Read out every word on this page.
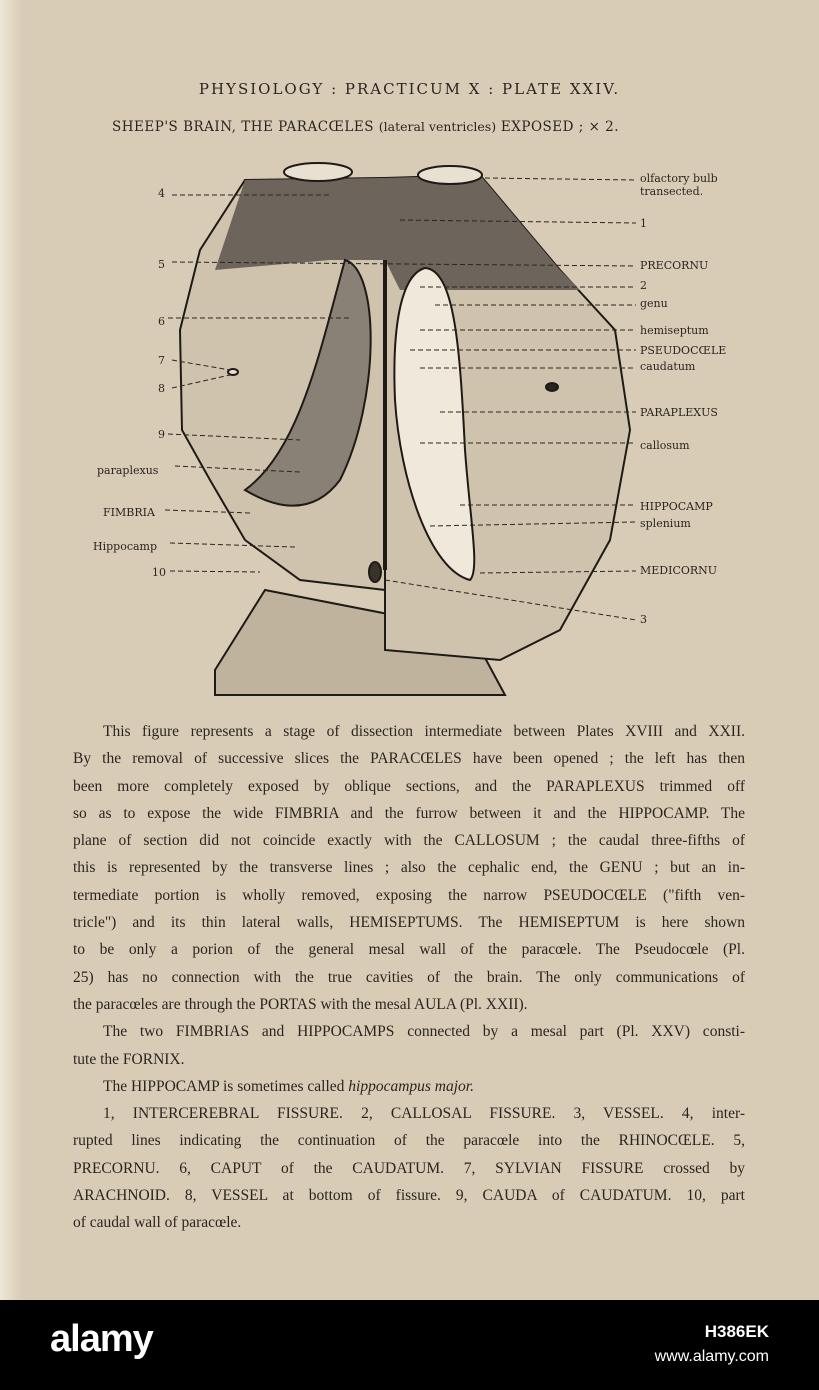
PHYSIOLOGY : PRACTICUM X : PLATE XXIV.
SHEEP'S BRAIN, THE PARACŒLES (lateral ventricles) EXPOSED ; × 2.
olfactory bulb
transected.
1
PRECORNU
2
genu
hemiseptum
PSEUDOCŒLE
caudatum
PARAPLEXUS
callosum
HIPPOCAMP
splenium
MEDICORNU
3
4
5
6
7
8
9
paraplexus
FIMBRIA
Hippocamp
10
This figure represents a stage of dissection intermediate between Plates XVIII and XXII.
By the removal of successive slices the PARACŒLES have been opened ; the left has then
been more completely exposed by oblique sections, and the PARAPLEXUS trimmed off
so as to expose the wide FIMBRIA and the furrow between it and the HIPPOCAMP. The
plane of section did not coincide exactly with the CALLOSUM ; the caudal three-fifths of
this is represented by the transverse lines ; also the cephalic end, the GENU ; but an in-
termediate portion is wholly removed, exposing the narrow PSEUDOCŒLE ("fifth ven-
tricle") and its thin lateral walls, HEMISEPTUMS. The HEMISEPTUM is here shown
to be only a porion of the general mesal wall of the paracœle. The Pseudocœle (Pl.
25) has no connection with the true cavities of the brain. The only communications of
the paracœles are through the PORTAS with the mesal AULA (Pl. XXII).
The two FIMBRIAS and HIPPOCAMPS connected by a mesal part (Pl. XXV) consti-
tute the FORNIX.
The HIPPOCAMP is sometimes called hippocampus major.
1, INTERCEREBRAL FISSURE. 2, CALLOSAL FISSURE. 3, VESSEL. 4, inter-
rupted lines indicating the continuation of the paracœle into the RHINOCŒLE. 5,
PRECORNU. 6, CAPUT of the CAUDATUM. 7, SYLVIAN FISSURE crossed by
ARACHNOID. 8, VESSEL at bottom of fissure. 9, CAUDA of CAUDATUM. 10, part
of caudal wall of paracœle.
alamy	H386EK
www.alamy.com
